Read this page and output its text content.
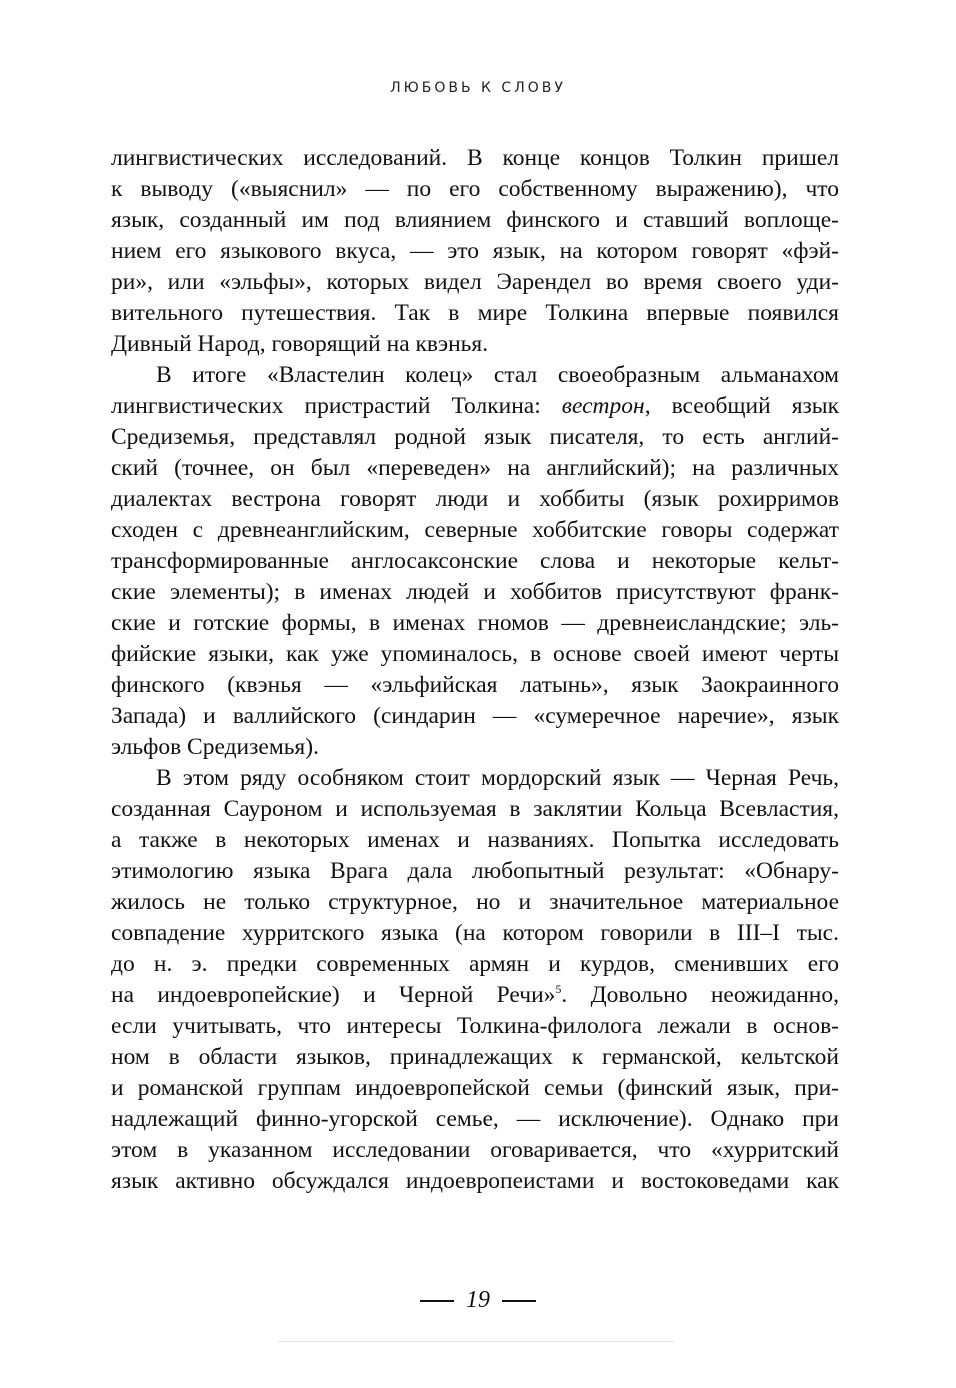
ЛЮБОВЬ К СЛОВУ

лингвистических исследований. В конце концов Толкин пришел
к выводу («выяснил» — по его собственному выражению), что
язык, созданный им под влиянием финского и ставший воплоще-
нием его языкового вкуса, — это язык, на котором говорят «фэй-
ри», или «эльфы», которых видел Эарендел во время своего уди-
вительного путешествия. Так в мире Толкина впервые появился
Дивный Народ, говорящий на квэнья.

В итоге «Властелин колец» стал своеобразным альманахом
лингвистических пристрастий Толкина: вестрон, всеобщий язык
Средиземья, представлял родной язык писателя, то есть англий-
ский (точнее, он был «переведен» на английский); на различных
диалектах вестрона говорят люди и хоббиты (язык рохирримов
сходен с древнеанглийским, северные хоббитские говоры содержат
трансформированные англосаксонские слова и некоторые кельт-
ские элементы); в именах людей и хоббитов присутствуют франк-
ские и готские формы, в именах гномов — древнеисландские; эль-
фийские языки, как уже упоминалось, в основе своей имеют черты
финского (квэнья — «эльфийская латынь», язык Заокраинного
Запада) и валлийского (синдарин — «сумеречное наречие», язык
эльфов Средиземья).

В этом ряду особняком стоит мордорский язык — Черная Речь,
созданная Сауроном и используемая в заклятии Кольца Всевластия,
а также в некоторых именах и названиях. Попытка исследовать
этимологию языка Врага дала любопытный результат: «Обнару-
жилось не только структурное, но и значительное материальное
совпадение хурритского языка (на котором говорили в III–I тыс.
до н. э. предки современных армян и курдов, сменивших его
на индоевропейские) и Черной Речи»$^5$. Довольно неожиданно,
если учитывать, что интересы Толкина-филолога лежали в основ-
ном в области языков, принадлежащих к германской, кельтской
и романской группам индоевропейской семьи (финский язык, при-
надлежащий финно-угорской семье, — исключение). Однако при
этом в указанном исследовании оговаривается, что «хурритский
язык активно обсуждался индоевропеистами и востоковедами как

19
